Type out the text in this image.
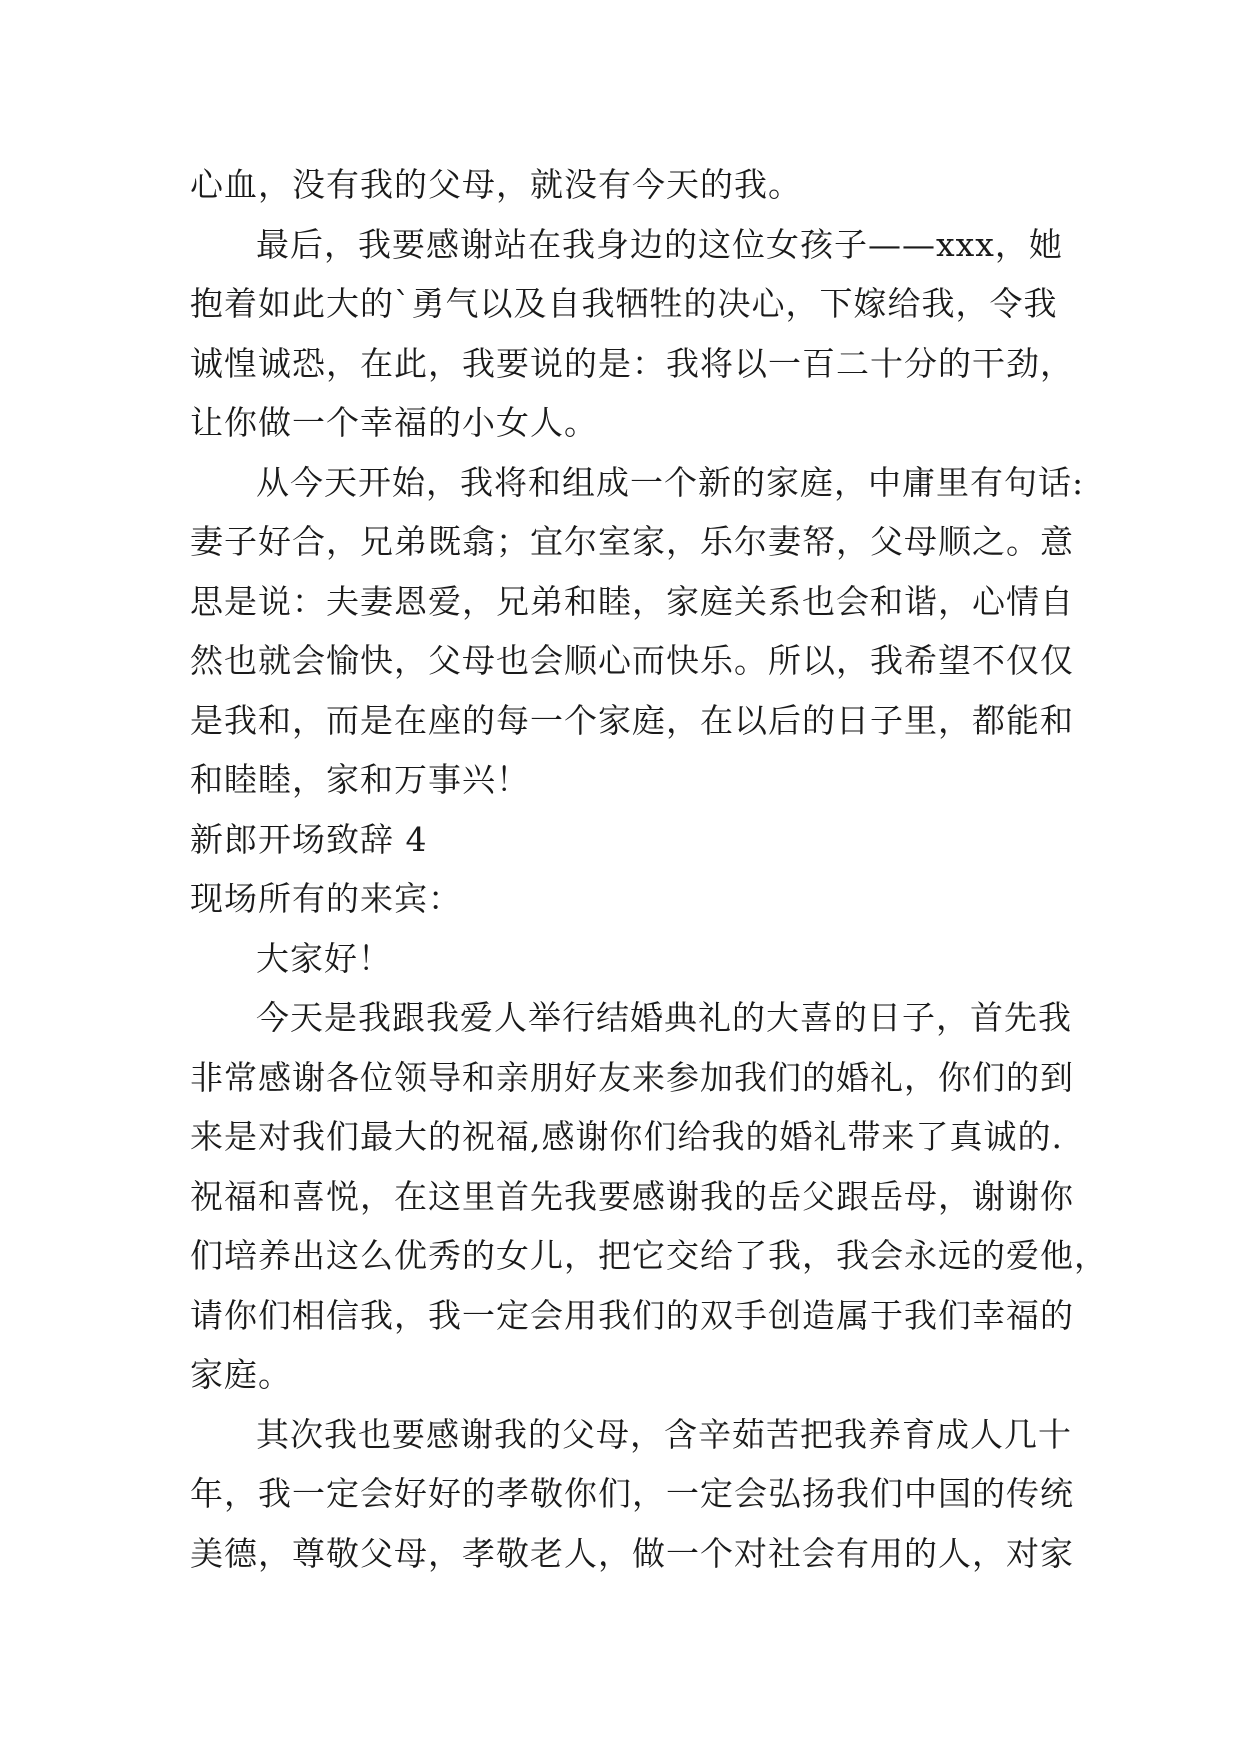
心血，没有我的父母，就没有今天的我。
最后，我要感谢站在我身边的这位女孩子——xxx，她
抱着如此大的`勇气以及自我牺牲的决心，下嫁给我，令我
诚惶诚恐，在此，我要说的是：我将以一百二十分的干劲，
让你做一个幸福的小女人。
从今天开始，我将和组成一个新的家庭，中庸里有句话:
妻子好合，兄弟既翕；宜尔室家，乐尔妻帑，父母顺之。意
思是说：夫妻恩爱，兄弟和睦，家庭关系也会和谐，心情自
然也就会愉快，父母也会顺心而快乐。所以，我希望不仅仅
是我和，而是在座的每一个家庭，在以后的日子里，都能和
和睦睦，家和万事兴！
新郎开场致辞 4
现场所有的来宾：
大家好！
今天是我跟我爱人举行结婚典礼的大喜的日子，首先我
非常感谢各位领导和亲朋好友来参加我们的婚礼，你们的到
来是对我们最大的祝福,感谢你们给我的婚礼带来了真诚的.
祝福和喜悦，在这里首先我要感谢我的岳父跟岳母，谢谢你
们培养出这么优秀的女儿，把它交给了我，我会永远的爱他，
请你们相信我，我一定会用我们的双手创造属于我们幸福的
家庭。
其次我也要感谢我的父母，含辛茹苦把我养育成人几十
年，我一定会好好的孝敬你们，一定会弘扬我们中国的传统
美德，尊敬父母，孝敬老人，做一个对社会有用的人，对家
